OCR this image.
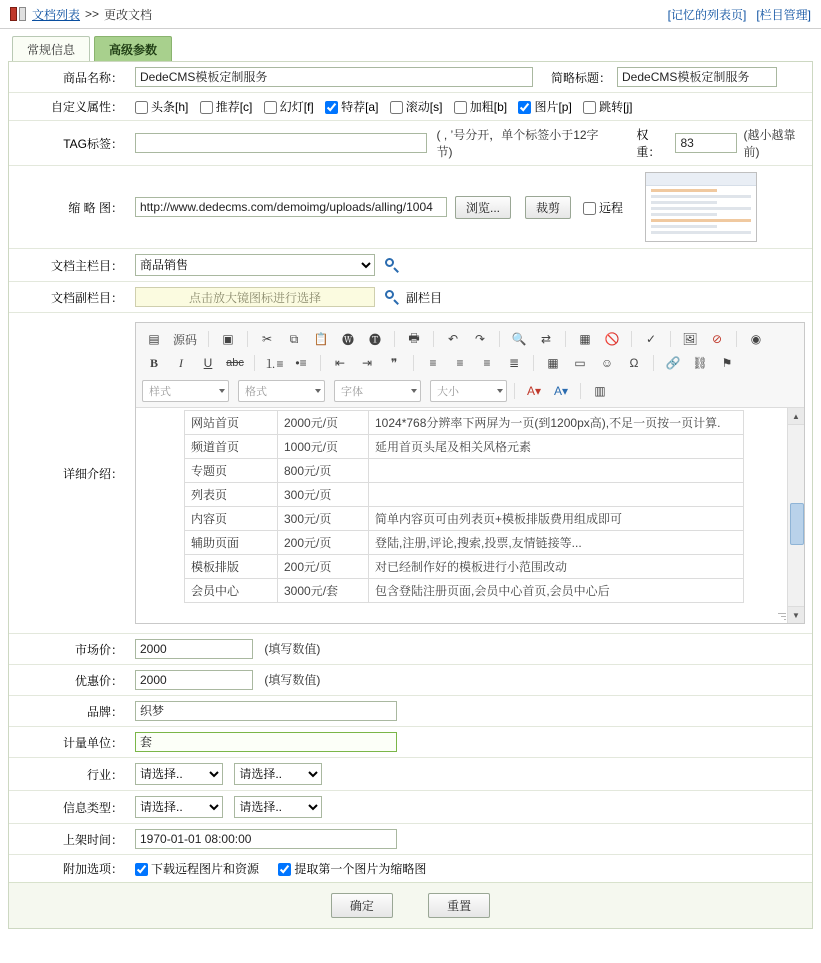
文档列表 >> 更改文档	[记忆的列表页] [栏目管理]
常规信息	高级参数
商品名称：	
DedeCMS模板定制服务简略标题：
DedeCMS模板定制服务

自定义属性：	头条[h] 推荐[c] 幻灯[f] 特荐[a] 滚动[s] 加粗[b] 图片[p] 跳转[j]
TAG标签：	
( , ’号分开，单个标签小于12字节)
权重：
83
(越小越靠前)

缩 略 图：	
http://www.dedecms.com/demoimg/uploads/alling/1004浏览...	裁剪	远程

文档主栏目：	
商品销售

文档副栏目：	点击放大镜图标进行选择	副栏目

详细介绍：	
▤	源码	▣	✂	⧉	📋	🅦	🅣	🖶	↶	↷	🔍	⇄	▦	🚫	✓	🖼	⊘	◉
B	I	U	abc ⒈≡ •≡	⇤	⇥	❞	≡	≡	≡	≣	▦	▭	☺	Ω	🔗 ⛓	⚑
样式	格式	字体	大小	A▾	A▾	▥
网站首页	2000元/页	1024*768分辨率下两屏为一页(到1200px高),不足一页按一页计算.
频道首页	1000元/页	延用首页头尾及相关风格元素
专题页	800元/页	
列表页	300元/页	
内容页	300元/页	简单内容页可由列表页+模板排版费用组成即可
辅助页面	200元/页	登陆,注册,评论,搜索,投票,友情链接等...
模板排版	200元/页	对已经制作好的模板进行小范围改动
会员中心	3000元/套	包含登陆注册页面,会员中心首页,会员中心后
▲
▼

市场价：	2000(填写数值)
优惠价：	2000(填写数值)
品牌：	织梦
计量单位：	套
行业：	
请选择..
请选择..
信息类型：	
请选择..
请选择..
上架时间：	1970-01-01 08:00:00
附加选项：	下载远程图片和资源	提取第一个图片为缩略图
确定	重置
